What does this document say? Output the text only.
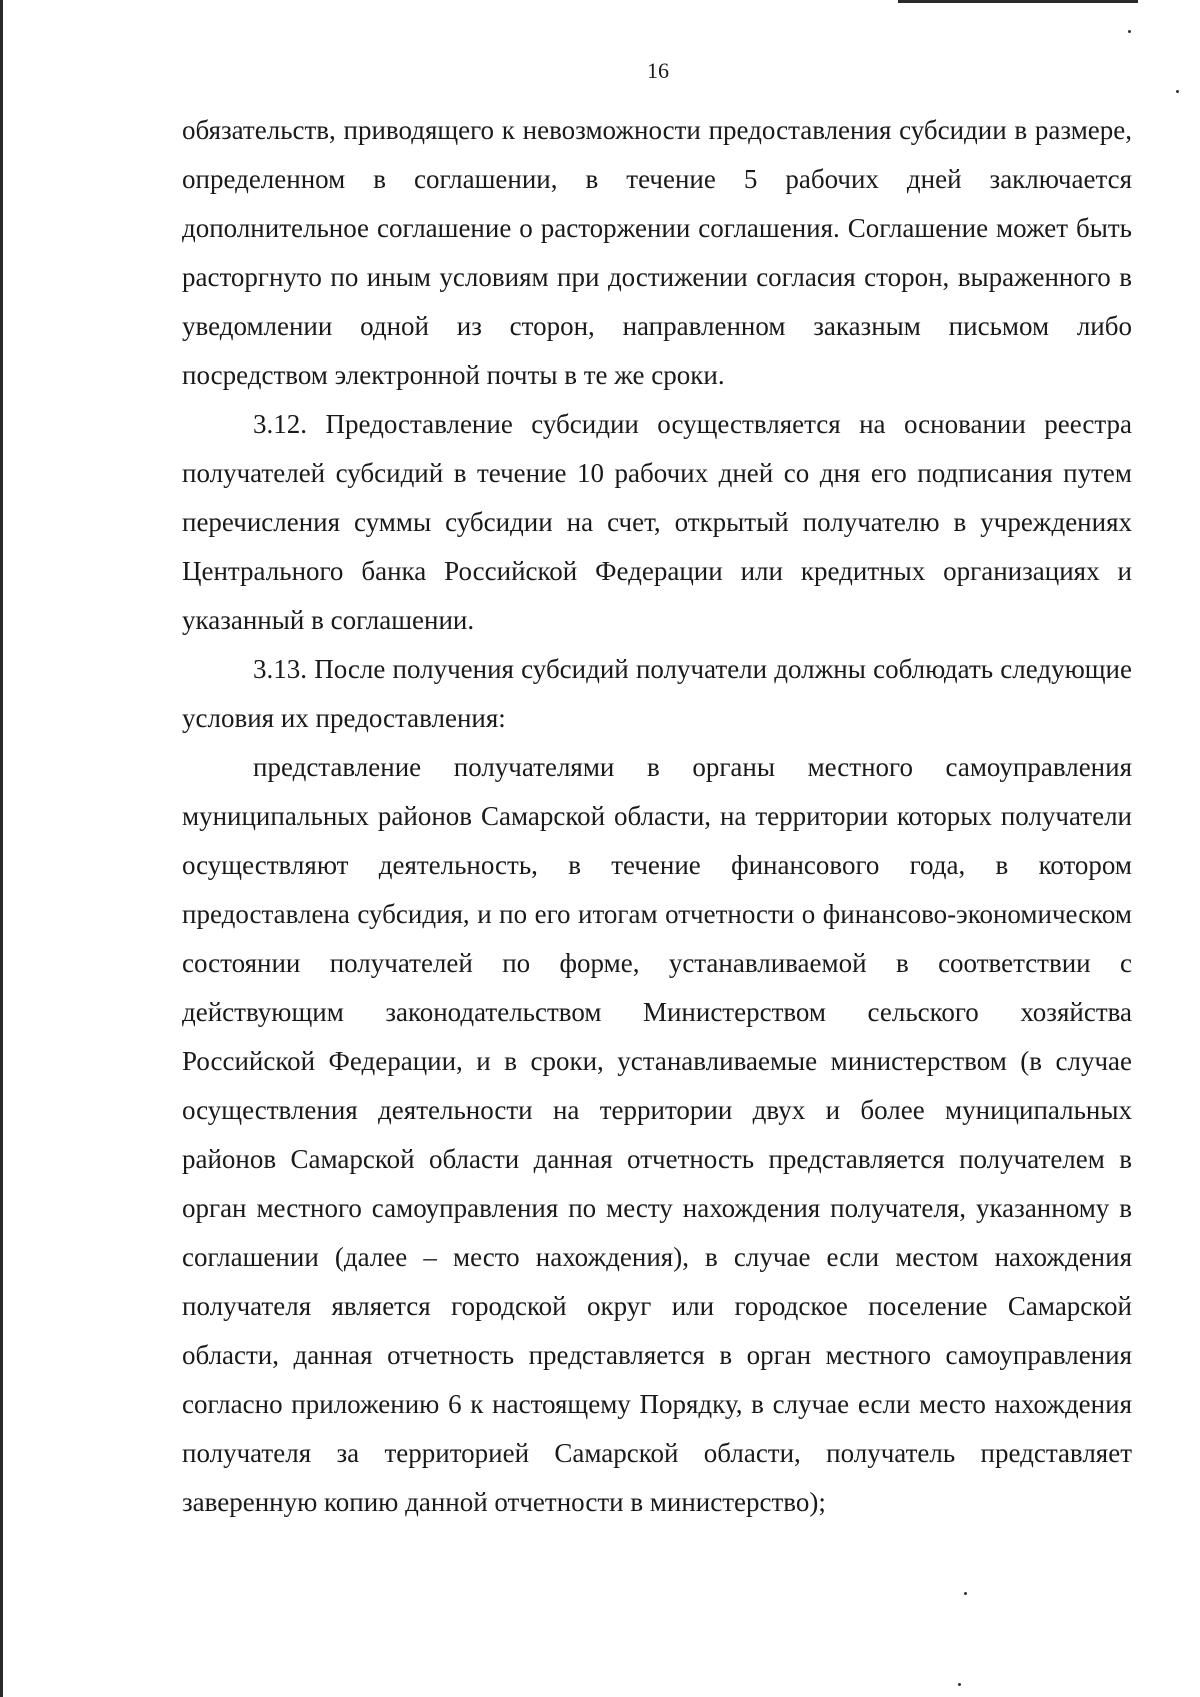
16

обязательств, приводящего к невозможности предоставления субсидии в размере, определенном в соглашении, в течение 5 рабочих дней заключается дополнительное соглашение о расторжении соглашения. Соглашение может быть расторгнуто по иным условиям при достижении согласия сторон, выраженного в уведомлении одной из сторон, направленном заказным письмом либо посредством электронной почты в те же сроки.

3.12. Предоставление субсидии осуществляется на основании реестра получателей субсидий в течение 10 рабочих дней со дня его подписания путем перечисления суммы субсидии на счет, открытый получателю в учреждениях Центрального банка Российской Федерации или кредитных организациях и указанный в соглашении.

3.13. После получения субсидий получатели должны соблюдать следующие условия их предоставления:

представление получателями в органы местного самоуправления муниципальных районов Самарской области, на территории которых получатели осуществляют деятельность, в течение финансового года, в котором предоставлена субсидия, и по его итогам отчетности о финансово-экономическом состоянии получателей по форме, устанавливаемой в соответствии с действующим законодательством Министерством сельского хозяйства Российской Федерации, и в сроки, устанавливаемые министерством (в случае осуществления деятельности на территории двух и более муниципальных районов Самарской области данная отчетность представляется получателем в орган местного самоуправления по месту нахождения получателя, указанному в соглашении (далее – место нахождения), в случае если местом нахождения получателя является городской округ или городское поселение Самарской области, данная отчетность представляется в орган местного самоуправления согласно приложению 6 к настоящему Порядку, в случае если место нахождения получателя за территорией Самарской области, получатель представляет заверенную копию данной отчетности в министерство);
